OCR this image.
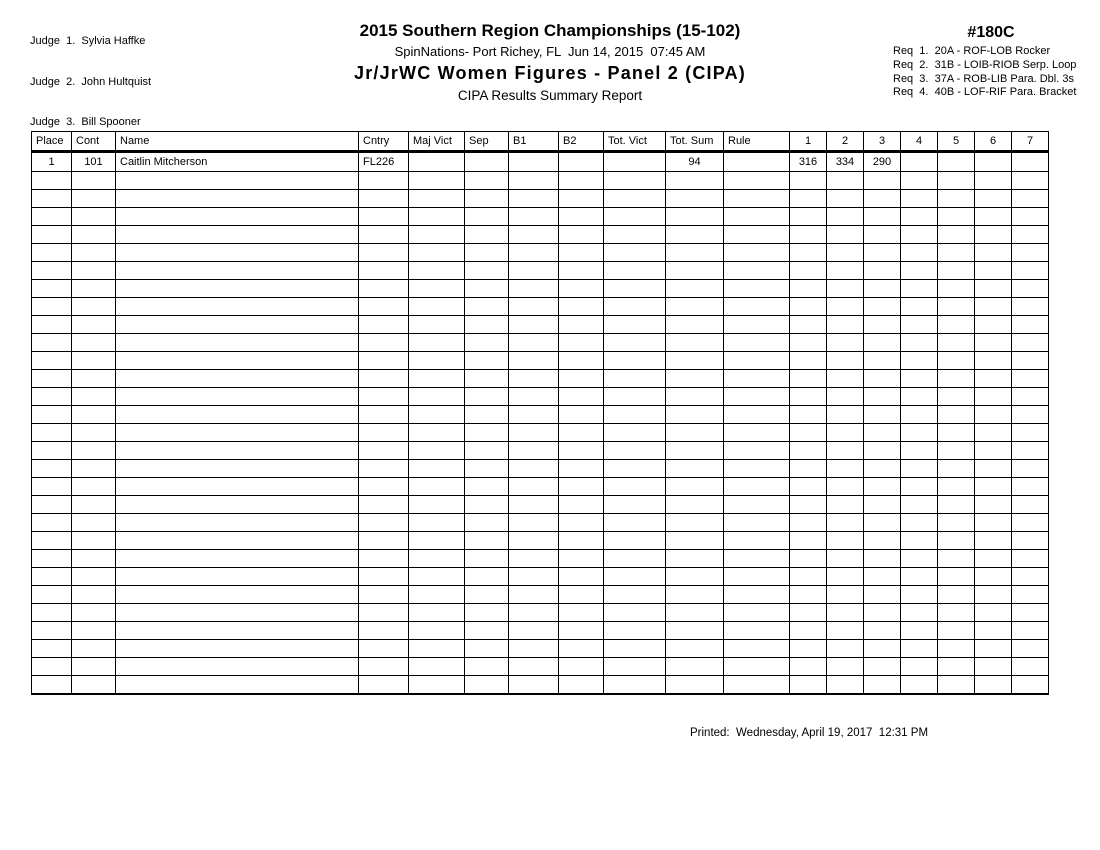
Judge  1.  Sylvia Haffke

Judge  2.  John Hultquist

Judge  3.  Bill Spooner

2015 Southern Region Championships (15-102)
SpinNations- Port Richey, FL  Jun 14, 2015  07:45 AM
Jr/JrWC Women Figures - Panel 2 (CIPA)
CIPA Results Summary Report
#180C
Req  1.  20A - ROF-LOB Rocker
Req  2.  31B - LOIB-RIOB Serp. Loop
Req  3.  37A - ROB-LIB Para. Dbl. 3s
Req  4.  40B - LOF-RIF Para. Bracket
Place	Cont	Name	Cntry	Maj Vict	Sep	B1	B2	Tot. Vict	Tot. Sum	Rule	1	2	3	4	5	6	7
1	101	Caitlin Mitcherson	FL226						94		316	334	290				

Printed:  Wednesday, April 19, 2017  12:31 PM
